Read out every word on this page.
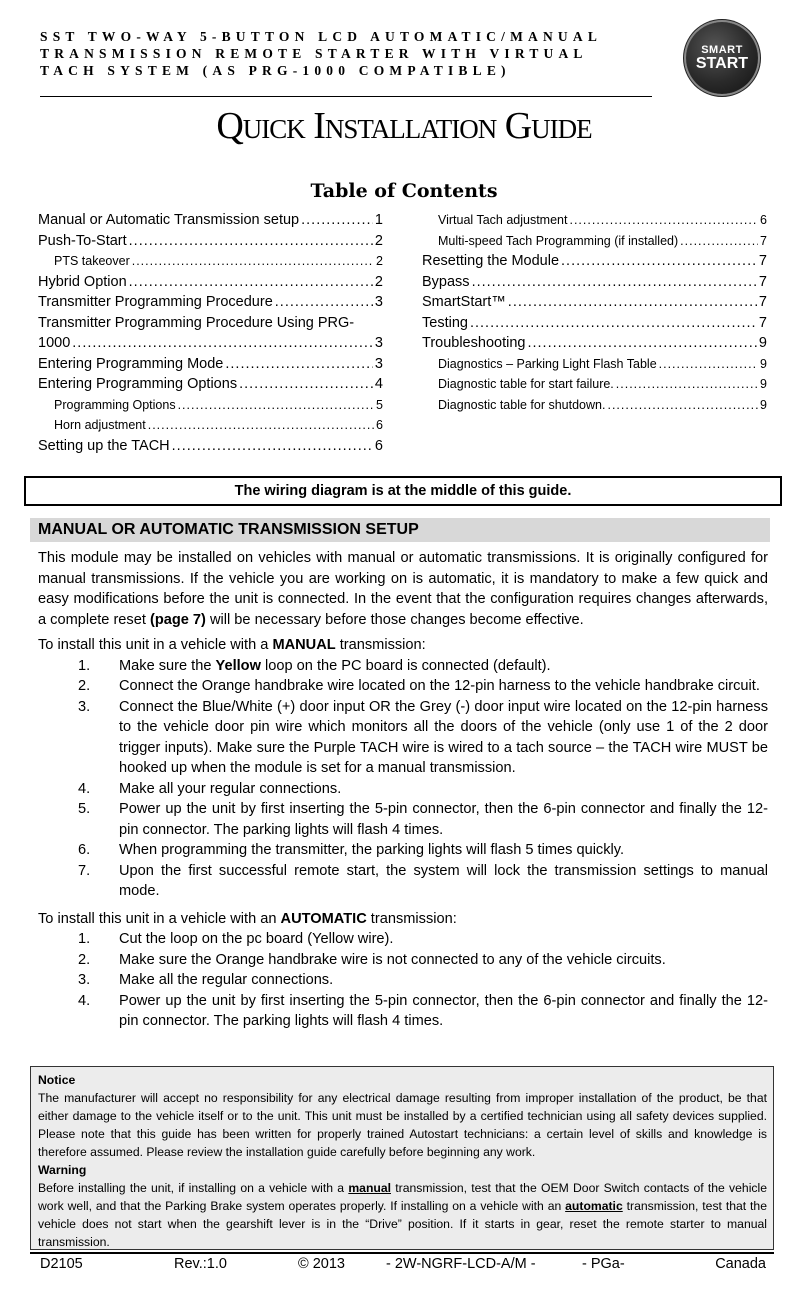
SST TWO-WAY 5-BUTTON LCD AUTOMATIC/MANUAL TRANSMISSION REMOTE STARTER WITH VIRTUAL TACH SYSTEM (AS PRG-1000 COMPATIBLE)
SMART
START
Quick Installation Guide
Table of Contents
Manual or Automatic Transmission setup .....	1
Push-To-Start .....	2
PTS takeover .....	2
Hybrid Option .....	2
Transmitter Programming Procedure .....	3
Transmitter Programming Procedure Using PRG-
1000 .....	3
Entering Programming Mode .....	3
Entering Programming Options .....	4
Programming Options .....	5
Horn adjustment .....	6
Setting up the TACH .....	6
Virtual Tach adjustment .....	6
Multi-speed Tach Programming (if installed) .....	7
Resetting the Module .....	7
Bypass .....	7
SmartStart™ .....	7
Testing .....	7
Troubleshooting .....	9
Diagnostics – Parking Light Flash Table .....	9
Diagnostic table for start failure. .....	9
Diagnostic table for shutdown. .....	9
The wiring diagram is at the middle of this guide.
MANUAL OR AUTOMATIC TRANSMISSION SETUP

This module may be installed on vehicles with manual or automatic transmissions. It is originally configured for manual transmissions. If the vehicle you are working on is automatic, it is mandatory to make a few quick and easy modifications before the unit is connected. In the event that the configuration requires changes afterwards, a complete reset (page 7) will be necessary before those changes become effective.

To install this unit in a vehicle with a MANUAL transmission:

1.	Make sure the Yellow loop on the PC board is connected (default).
2.	Connect the Orange handbrake wire located on the 12-pin harness to the vehicle handbrake circuit.
3.	Connect the Blue/White (+) door input OR the Grey (-) door input wire located on the 12-pin harness to the vehicle door pin wire which monitors all the doors of the vehicle (only use 1 of the 2 door trigger inputs). Make sure the Purple TACH wire is wired to a tach source – the TACH wire MUST be hooked up when the module is set for a manual transmission.
4.	Make all your regular connections.
5.	Power up the unit by first inserting the 5-pin connector, then the 6-pin connector and finally the 12-pin connector. The parking lights will flash 4 times.
6.	When programming the transmitter, the parking lights will flash 5 times quickly.
7.	Upon the first successful remote start, the system will lock the transmission settings to manual mode.

To install this unit in a vehicle with an AUTOMATIC transmission:

1.	Cut the loop on the pc board (Yellow wire).
2.	Make sure the Orange handbrake wire is not connected to any of the vehicle circuits.
3.	Make all the regular connections.
4.	Power up the unit by first inserting the 5-pin connector, then the 6-pin connector and finally the 12-pin connector. The parking lights will flash 4 times.

Notice

The manufacturer will accept no responsibility for any electrical damage resulting from improper installation of the product, be that either damage to the vehicle itself or to the unit. This unit must be installed by a certified technician using all safety devices supplied. Please note that this guide has been written for properly trained Autostart technicians: a certain level of skills and knowledge is therefore assumed. Please review the installation guide carefully before beginning any work.

Warning

Before installing the unit, if installing on a vehicle with a manual transmission, test that the OEM Door Switch contacts of the vehicle work well, and that the Parking Brake system operates properly. If installing on a vehicle with an automatic transmission, test that the vehicle does not start when the gearshift lever is in the “Drive” position. If it starts in gear, reset the remote starter to manual transmission.

D2105	Rev.:1.0	© 2013	- 2W-NGRF-LCD-A/M -	- PGa-	Canada
